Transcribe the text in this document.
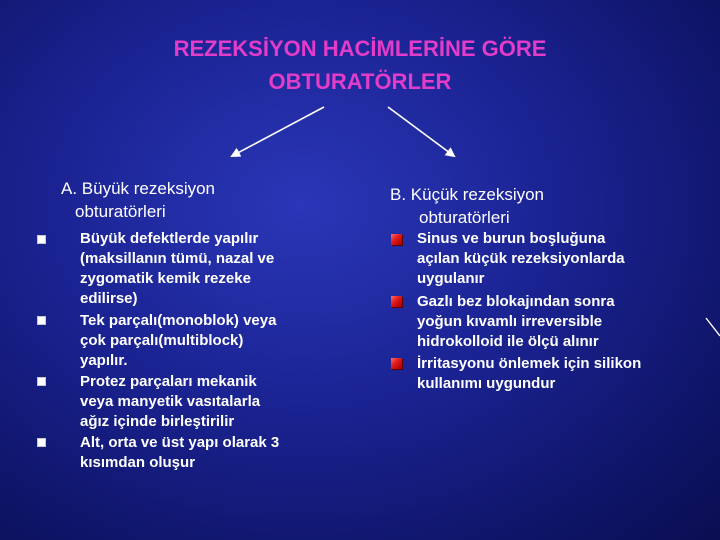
REZEKSİYON HACİMLERİNE GÖRE
OBTURATÖRLER
A. Büyük rezeksiyon
obturatörleri
B. Küçük rezeksiyon
obturatörleri
Büyük defektlerde yapılır
(maksillanın tümü, nazal ve
zygomatik kemik rezeke
edilirse)
Tek parçalı(monoblok) veya
çok parçalı(multiblock)
yapılır.
Protez parçaları mekanik
veya manyetik vasıtalarla
ağız içinde birleştirilir
Alt, orta ve üst yapı olarak 3
kısımdan oluşur
Sinus ve burun boşluğuna
açılan küçük rezeksiyonlarda
uygulanır
Gazlı bez blokajından sonra
yoğun kıvamlı irreversible
hidrokolloid ile ölçü alınır
İrritasyonu önlemek için silikon
kullanımı uygundur
